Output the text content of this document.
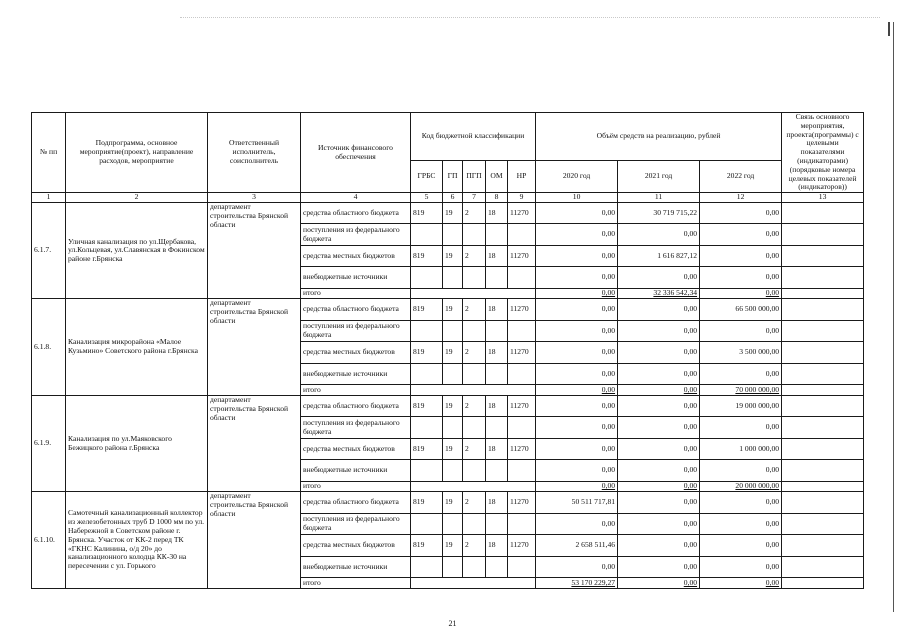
№ пп	Подпрограмма, основное мероприятие(проект), направление расходов, мероприятие	Ответственный исполнитель, соисполнитель	Источник финансового обеспечения	Код бюджетной классификации					Объём средств на реализацию, рублей			Связь основного мероприятия, проекта(программы) с целевыми показателями (индикаторами) (порядковые номера целевых показателей (индикаторов))
				ГРБС	ГП	ПГП	ОМ	НР	2020 год	2021 год	2022 год	
1	2	3	4	5	6	7	8	9	10	11	12	13
6.1.7.	Уличная канализация по ул.Щербакова, ул.Кольцевая, ул.Славянская в Фокинском районе г.Брянска	департамент строительства Брянской области	средства областного бюджета	819	19	2	18	11270	0,00	30 719 715,22	0,00	
			поступления из федерального бюджета						0,00	0,00	0,00	
			средства местных бюджетов	819	19	2	18	11270	0,00	1 616 827,12	0,00	
			внебюджетные источники						0,00	0,00	0,00	
			итого						0,00	32 336 542,34	0,00	
6.1.8.	Канализация микрорайона «Малое Кузьмино» Советского района г.Брянска	департамент строительства Брянской области	средства областного бюджета	819	19	2	18	11270	0,00	0,00	66 500 000,00	
			поступления из федерального бюджета						0,00	0,00	0,00	
			средства местных бюджетов	819	19	2	18	11270	0,00	0,00	3 500 000,00	
			внебюджетные источники						0,00	0,00	0,00	
			итого						0,00	0,00	70 000 000,00	
6.1.9.	Канализация по ул.Маяковского Бежицкого района г.Брянска	департамент строительства Брянской области	средства областного бюджета	819	19	2	18	11270	0,00	0,00	19 000 000,00	
			поступления из федерального бюджета						0,00	0,00	0,00	
			средства местных бюджетов	819	19	2	18	11270	0,00	0,00	1 000 000,00	
			внебюджетные источники						0,00	0,00	0,00	
			итого						0,00	0,00	20 000 000,00	
6.1.10.	Самотечный канализационный коллектор из железобетонных труб D 1000 мм по ул. Набережной в Советском районе г. Брянска. Участок от КК-2 перед ТК «ГКНС Калинина, о/д 20» до канализационного колодца КК-30 на пересечении с ул. Горького	департамент строительства Брянской области	средства областного бюджета	819	19	2	18	11270	50 511 717,81	0,00	0,00	
			поступления из федерального бюджета						0,00	0,00	0,00	
			средства местных бюджетов	819	19	2	18	11270	2 658 511,46	0,00	0,00	
			внебюджетные источники						0,00	0,00	0,00	
			итого						53 170 229,27	0,00	0,00	
21
